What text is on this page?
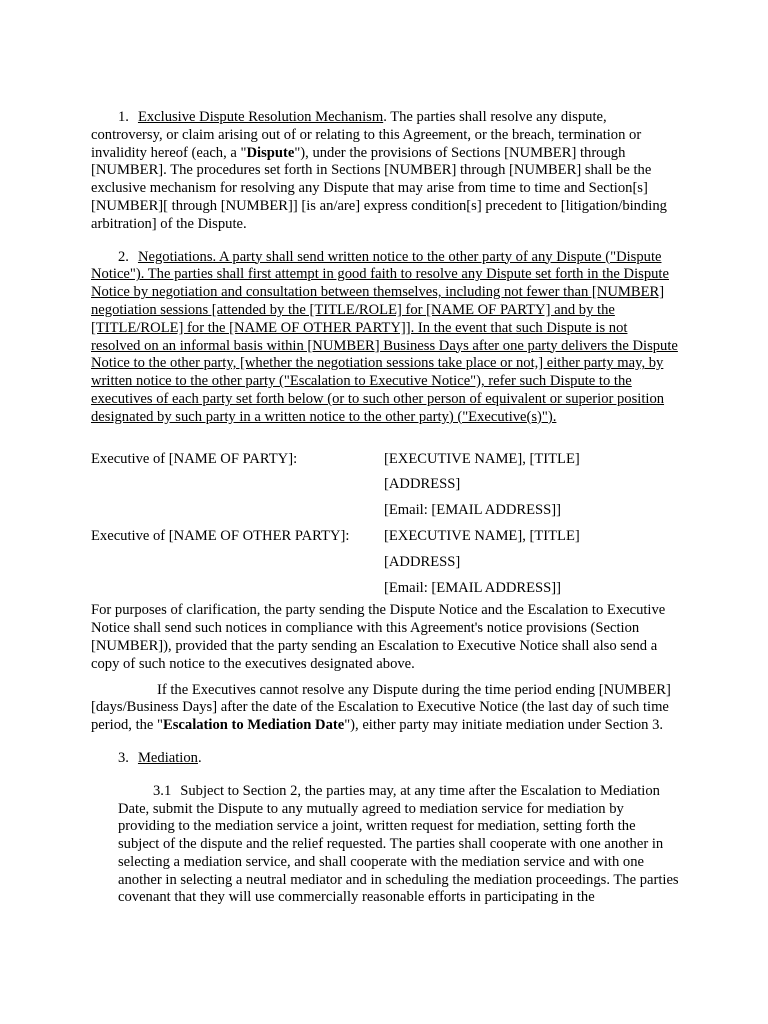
1. Exclusive Dispute Resolution Mechanism. The parties shall resolve any dispute, controversy, or claim arising out of or relating to this Agreement, or the breach, termination or invalidity hereof (each, a "Dispute"), under the provisions of Sections [NUMBER] through [NUMBER]. The procedures set forth in Sections [NUMBER] through [NUMBER] shall be the exclusive mechanism for resolving any Dispute that may arise from time to time and Section[s] [NUMBER][ through [NUMBER]] [is an/are] express condition[s] precedent to [litigation/binding arbitration] of the Dispute.

2. Negotiations. A party shall send written notice to the other party of any Dispute ("Dispute Notice"). The parties shall first attempt in good faith to resolve any Dispute set forth in the Dispute Notice by negotiation and consultation between themselves, including not fewer than [NUMBER] negotiation sessions [attended by the [TITLE/ROLE] for [NAME OF PARTY] and by the [TITLE/ROLE] for the [NAME OF OTHER PARTY]]. In the event that such Dispute is not resolved on an informal basis within [NUMBER] Business Days after one party delivers the Dispute Notice to the other party, [whether the negotiation sessions take place or not,] either party may, by written notice to the other party ("Escalation to Executive Notice"), refer such Dispute to the executives of each party set forth below (or to such other person of equivalent or superior position designated by such party in a written notice to the other party) ("Executive(s)").

Executive of [NAME OF PARTY]:	[EXECUTIVE NAME], [TITLE]
[ADDRESS]
[Email: [EMAIL ADDRESS]]
Executive of [NAME OF OTHER PARTY]:	[EXECUTIVE NAME], [TITLE]
[ADDRESS]
[Email: [EMAIL ADDRESS]]

For purposes of clarification, the party sending the Dispute Notice and the Escalation to Executive Notice shall send such notices in compliance with this Agreement's notice provisions (Section [NUMBER]), provided that the party sending an Escalation to Executive Notice shall also send a copy of such notice to the executives designated above.

If the Executives cannot resolve any Dispute during the time period ending [NUMBER] [days/Business Days] after the date of the Escalation to Executive Notice (the last day of such time period, the "Escalation to Mediation Date"), either party may initiate mediation under Section 3.

3. Mediation.

3.1 Subject to Section 2, the parties may, at any time after the Escalation to Mediation Date, submit the Dispute to any mutually agreed to mediation service for mediation by providing to the mediation service a joint, written request for mediation, setting forth the subject of the dispute and the relief requested. The parties shall cooperate with one another in selecting a mediation service, and shall cooperate with the mediation service and with one another in selecting a neutral mediator and in scheduling the mediation proceedings. The parties covenant that they will use commercially reasonable efforts in participating in the
